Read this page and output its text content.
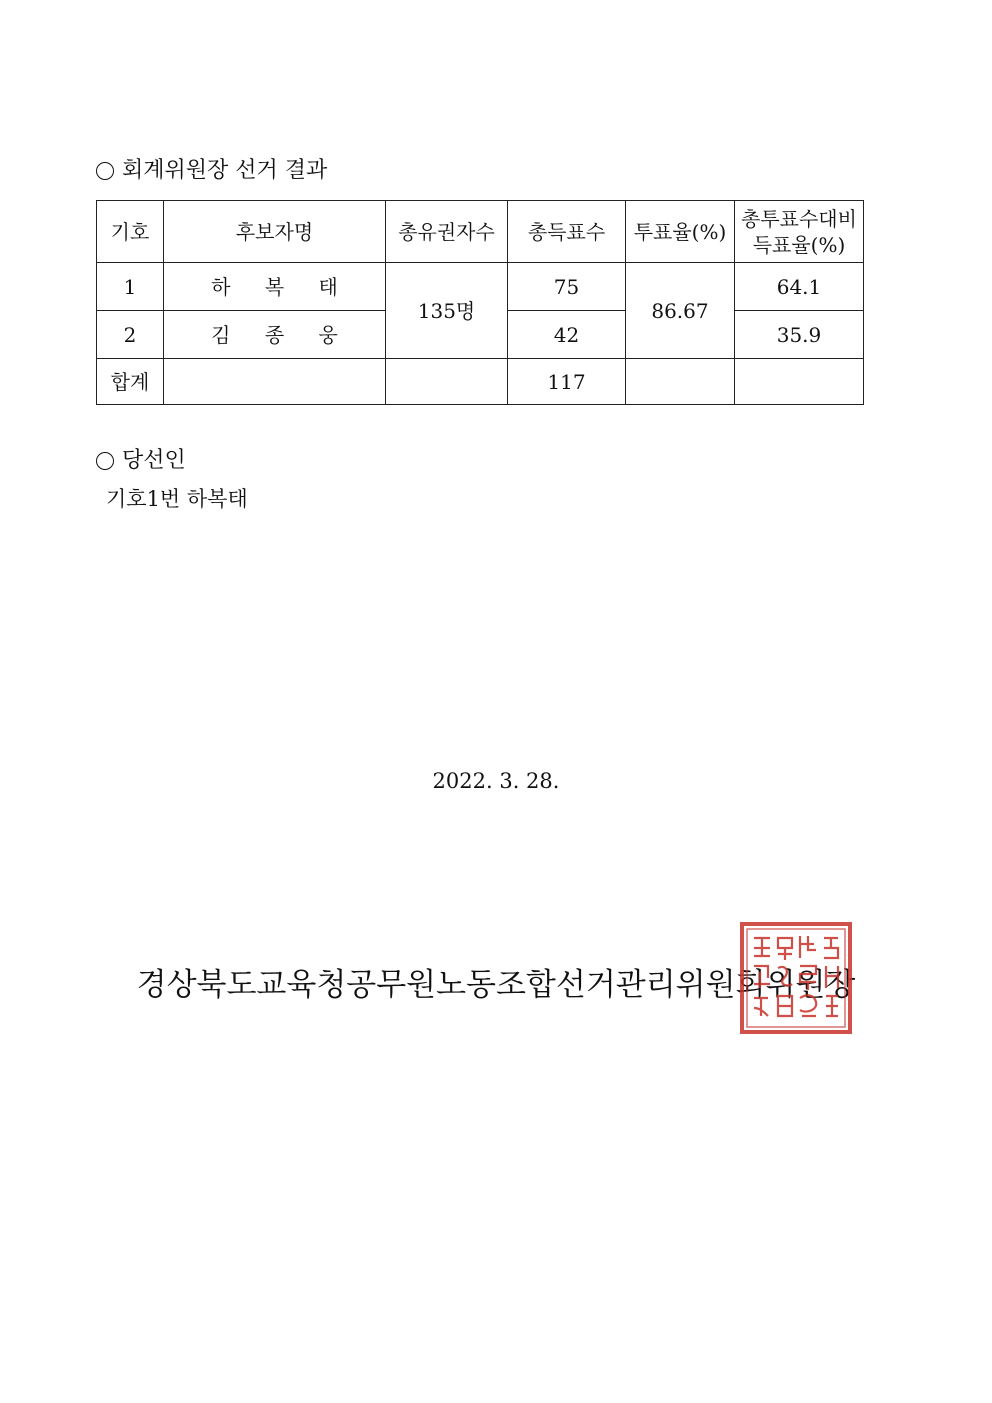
회계위원장 선거 결과
기호	후보자명	총유권자수	총득표수	투표율(%)	총투표수대비
득표율(%)

1	하 복 태	135명	75	86.67	64.1
2	김 종 웅		42		35.9
합계			117		
당선인
기호1번 하복태
2022. 3. 28.
경상북도교육청공무원노동조합선거관리위원회위원장
